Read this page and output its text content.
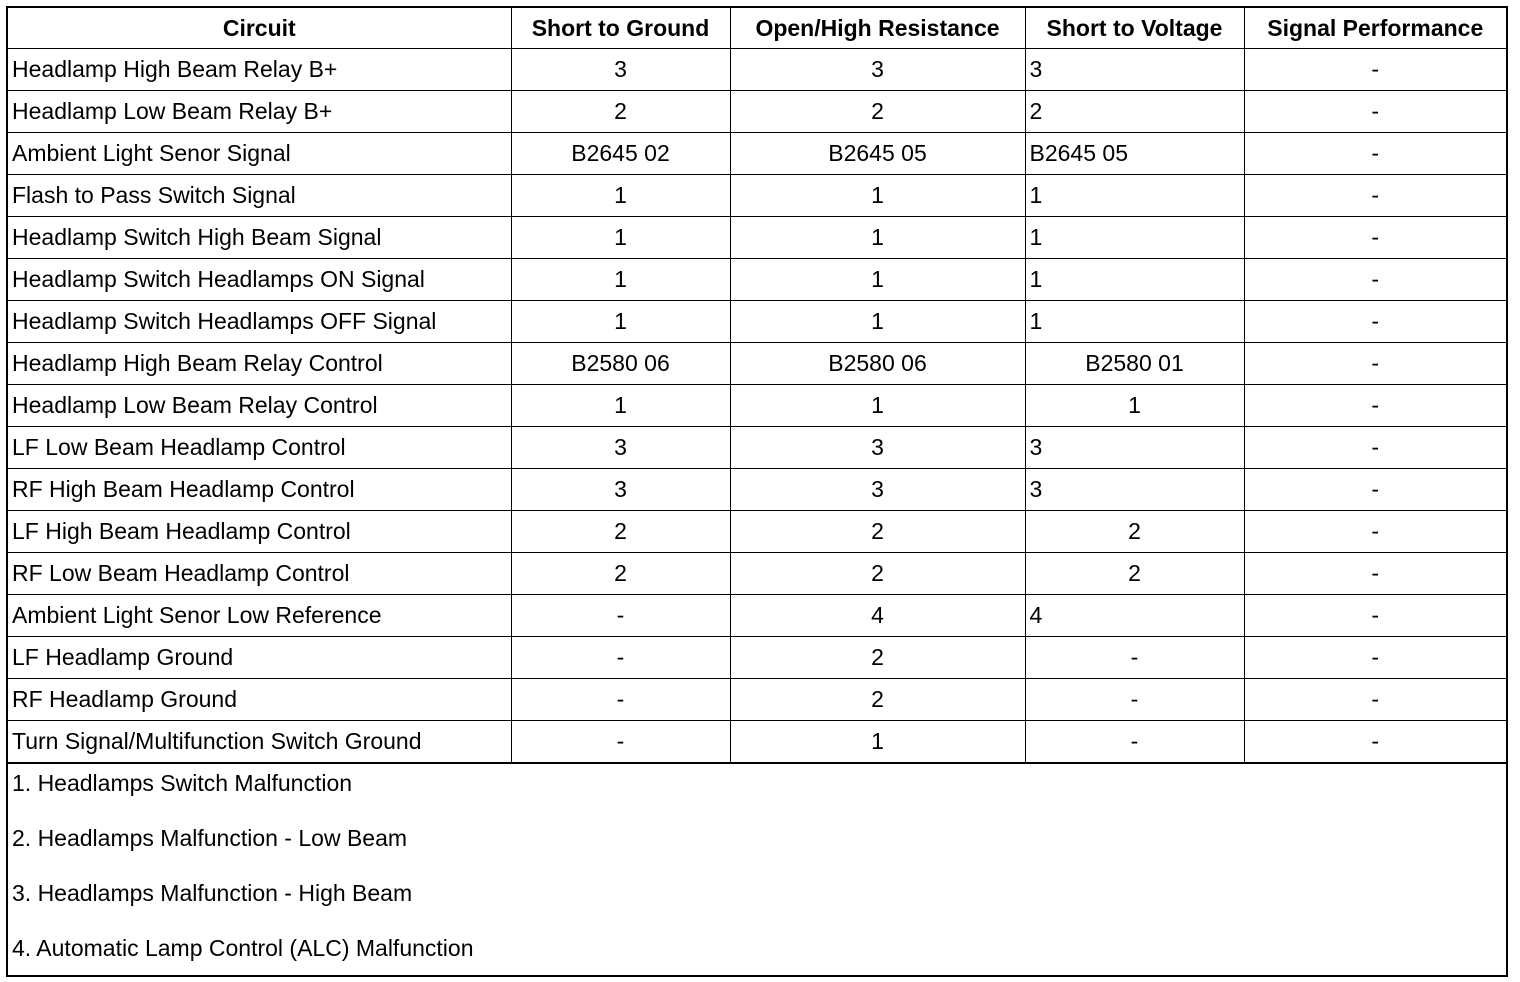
Circuit	Short to Ground	Open/High Resistance	Short to Voltage	Signal Performance
Headlamp High Beam Relay B+	3	3	3	-
Headlamp Low Beam Relay B+	2	2	2	-
Ambient Light Senor Signal	B2645 02	B2645 05	B2645 05	-
Flash to Pass Switch Signal	1	1	1	-
Headlamp Switch High Beam Signal	1	1	1	-
Headlamp Switch Headlamps ON Signal	1	1	1	-
Headlamp Switch Headlamps OFF Signal	1	1	1	-
Headlamp High Beam Relay Control	B2580 06	B2580 06	B2580 01	-
Headlamp Low Beam Relay Control	1	1	1	-
LF Low Beam Headlamp Control	3	3	3	-
RF High Beam Headlamp Control	3	3	3	-
LF High Beam Headlamp Control	2	2	2	-
RF Low Beam Headlamp Control	2	2	2	-
Ambient Light Senor Low Reference	-	4	4	-
LF Headlamp Ground	-	2	-	-
RF Headlamp Ground	-	2	-	-
Turn Signal/Multifunction Switch Ground	-	1	-	-
1. Headlamps Switch Malfunction
2. Headlamps Malfunction - Low Beam
3. Headlamps Malfunction - High Beam
4. Automatic Lamp Control (ALC) Malfunction
